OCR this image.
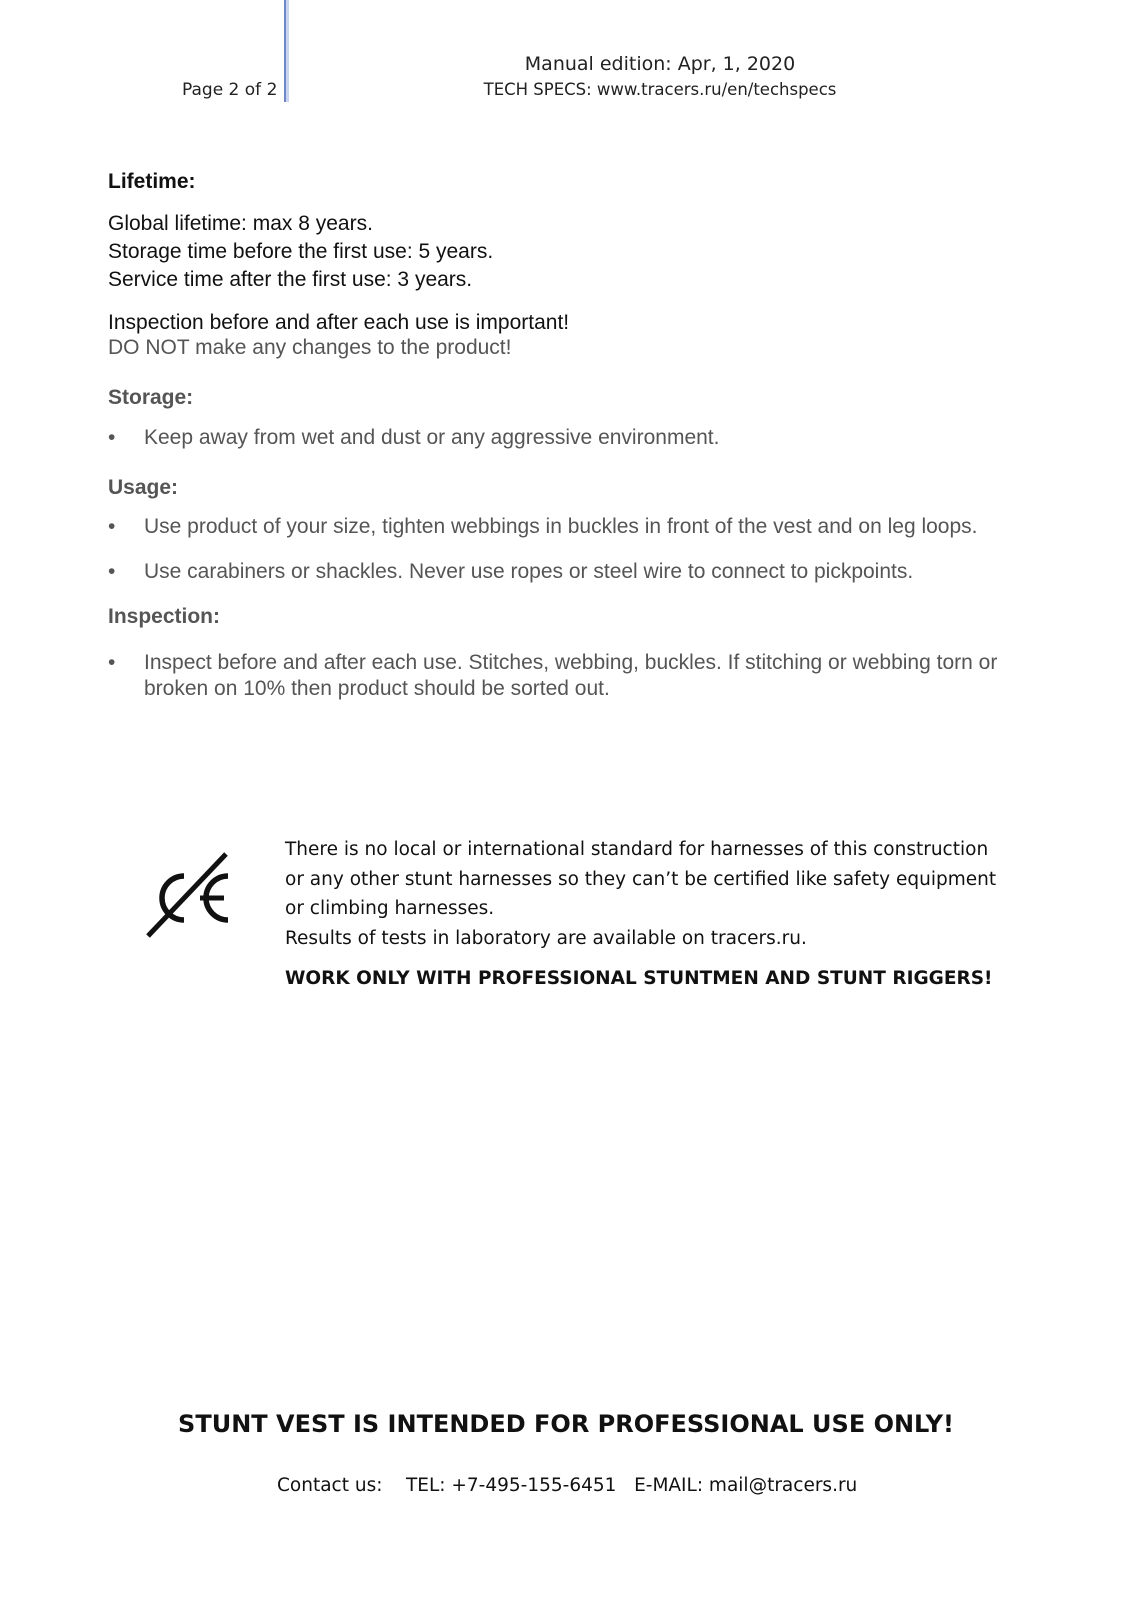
Page 2 of 2
Manual edition: Apr, 1, 2020
TECH SPECS: www.tracers.ru/en/techspecs
Lifetime:
Global lifetime: max 8 years.
Storage time before the first use: 5 years.
Service time after the first use: 3 years.
Inspection before and after each use is important!
DO NOT make any changes to the product!
Storage:
•	Keep away from wet and dust or any aggressive environment.
Usage:
•	Use product of your size, tighten webbings in buckles in front of the vest and on leg loops.
•	Use carabiners or shackles. Never use ropes or steel wire to connect to pickpoints.
Inspection:
•	Inspect before and after each use. Stitches, webbing, buckles. If stitching or webbing torn or broken on 10% then product should be sorted out.
There is no local or international standard for harnesses of this construction
or any other stunt harnesses so they can’t be certified like safety equipment
or climbing harnesses.
Results of tests in laboratory are available on tracers.ru.
WORK ONLY WITH PROFESSIONAL STUNTMEN AND STUNT RIGGERS!
STUNT VEST IS INTENDED FOR PROFESSIONAL USE ONLY!
Contact us: TEL: +7-495-155-6451 E-MAIL: mail@tracers.ru
